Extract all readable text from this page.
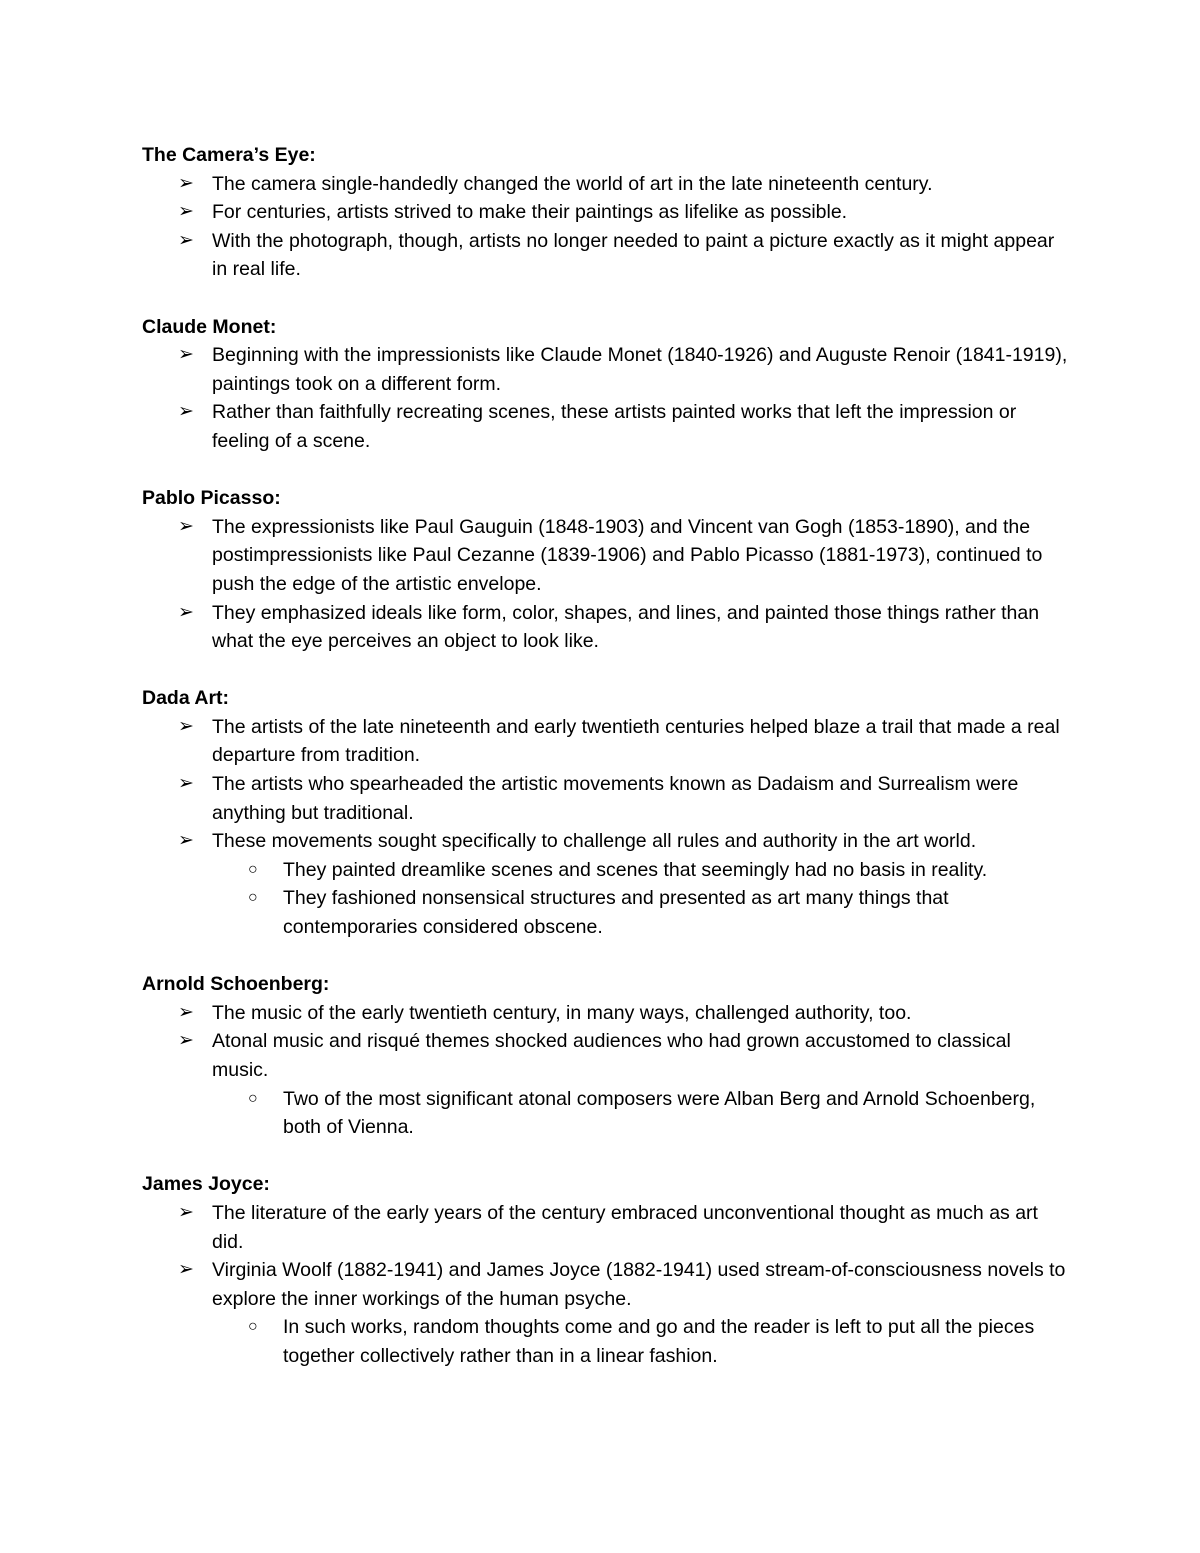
The Camera’s Eye:
➢ The camera single-handedly changed the world of art in the late nineteenth century.
➢ For centuries, artists strived to make their paintings as lifelike as possible.
➢ With the photograph, though, artists no longer needed to paint a picture exactly as it might appear in real life.
Claude Monet:
➢ Beginning with the impressionists like Claude Monet (1840-1926) and Auguste Renoir (1841-1919), paintings took on a different form.
➢ Rather than faithfully recreating scenes, these artists painted works that left the impression or feeling of a scene.
Pablo Picasso:
➢ The expressionists like Paul Gauguin (1848-1903) and Vincent van Gogh (1853-1890), and the postimpressionists like Paul Cezanne (1839-1906) and Pablo Picasso (1881-1973), continued to push the edge of the artistic envelope.
➢ They emphasized ideals like form, color, shapes, and lines, and painted those things rather than what the eye perceives an object to look like.
Dada Art:
➢ The artists of the late nineteenth and early twentieth centuries helped blaze a trail that made a real departure from tradition.
➢ The artists who spearheaded the artistic movements known as Dadaism and Surrealism were anything but traditional.
➢ These movements sought specifically to challenge all rules and authority in the art world.
○	They painted dreamlike scenes and scenes that seemingly had no basis in reality.
○	They fashioned nonsensical structures and presented as art many things that contemporaries considered obscene.
Arnold Schoenberg:
➢ The music of the early twentieth century, in many ways, challenged authority, too.
➢ Atonal music and risqué themes shocked audiences who had grown accustomed to classical music.
○	Two of the most significant atonal composers were Alban Berg and Arnold Schoenberg, both of Vienna.
James Joyce:
➢ The literature of the early years of the century embraced unconventional thought as much as art did.
➢ Virginia Woolf (1882-1941) and James Joyce (1882-1941) used stream-of-consciousness novels to explore the inner workings of the human psyche.
○	In such works, random thoughts come and go and the reader is left to put all the pieces together collectively rather than in a linear fashion.
